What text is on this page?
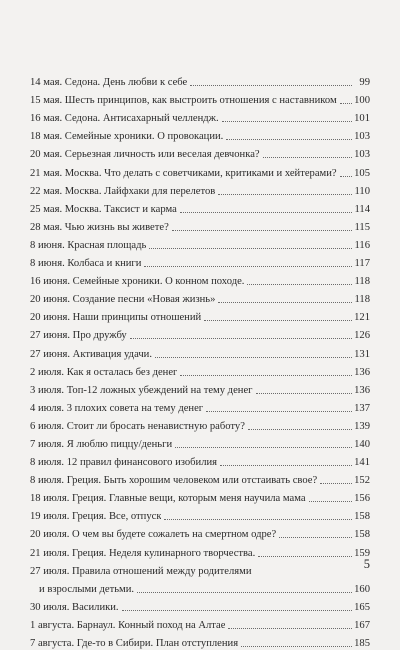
14 мая. Седона. День любви к себе	99
15 мая. Шесть принципов, как выстроить отношения с наставником 100
16 мая. Седона. Антисахарный челлендж.	101
18 мая. Семейные хроники. О провокации.	103
20 мая. Серьезная личность или веселая девчонка?	103
21 мая. Москва. Что делать с советчиками, критиками и хейтерами? 105
22 мая. Москва. Лайфхаки для перелетов	110
25 мая. Москва. Таксист и карма	114
28 мая. Чью жизнь вы живете?	115
8 июня. Красная площадь	116
8 июня. Колбаса и книги	117
16 июня. Семейные хроники. О конном походе.	118
20 июня. Создание песни «Новая жизнь»	118
20 июня. Наши принципы отношений	121
27 июня. Про дружбу	126
27 июня. Активация удачи.	131
2 июля. Как я осталась без денег	136
3 июля. Топ-12 ложных убеждений на тему денег	136
4 июля. 3 плохих совета на тему денег	137
6 июля. Стоит ли бросать ненавистную работу?	139
7 июля. Я люблю пиццу/деньги	140
8 июля. 12 правил финансового изобилия	141
8 июля. Греция. Быть хорошим человеком или отстаивать свое?	152
18 июля. Греция. Главные вещи, которым меня научила мама	156
19 июля. Греция. Все, отпуск	158
20 июля. О чем вы будете сожалеть на смертном одре?	158
21 июля. Греция. Неделя кулинарного творчества.	159
27 июля. Правила отношений между родителями
и взрослыми детьми.	160
30 июля. Василики.	165
1 августа. Барнаул. Конный поход на Алтае	167
7 августа. Где-то в Сибири. План отступления	185
5
